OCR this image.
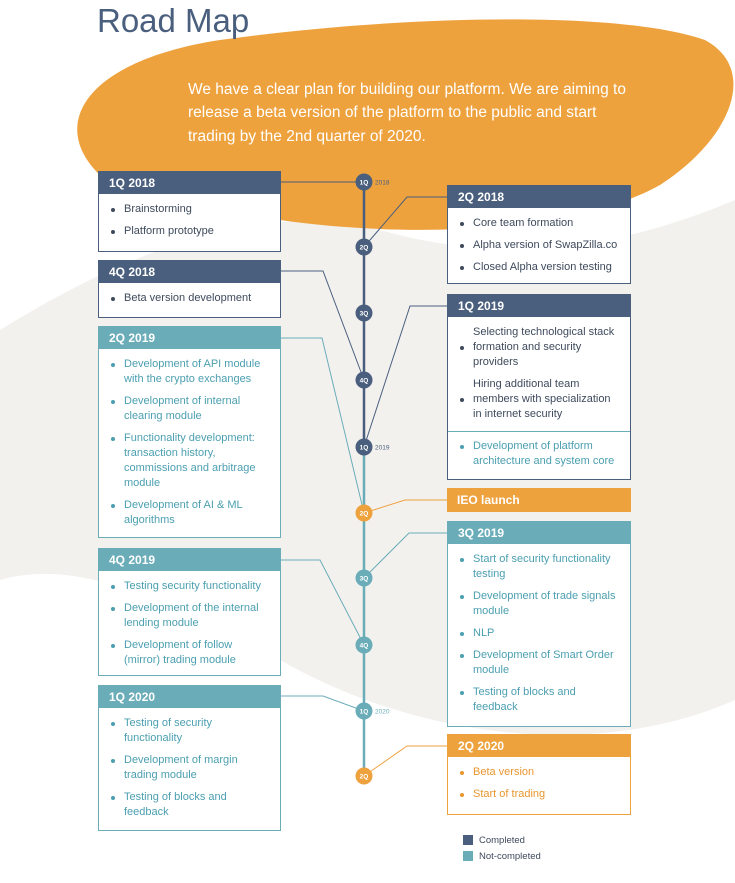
1Q 2018
2Q
3Q
4Q
1Q 2019
2Q
3Q
4Q
1Q 2020
2Q
Road Map

We have a clear plan for building our platform. We are aiming to release a beta version of the platform to the public and start trading by the 2nd quarter of 2020.

1Q 2018
Brainstorming
Platform prototype
2Q 2018
Core team formation
Alpha version of SwapZilla.co
Closed Alpha version testing
4Q 2018
Beta version development
1Q 2019
Selecting technological stack formation and security providers
Hiring additional team members with specialization in internet security
Development of platform architecture and system core
2Q 2019
Development of API module with the crypto exchanges
Development of internal clearing module
Functionality development: transaction history, commissions and arbitrage module
Development of AI & ML algorithms
IEO launch
3Q 2019
Start of security functionality testing
Development of trade signals module
NLP
Development of Smart Order module
Testing of blocks and feedback
4Q 2019
Testing security functionality
Development of the internal lending module
Development of follow (mirror) trading module
1Q 2020
Testing of security functionality
Development of margin trading module
Testing of blocks and feedback
2Q 2020
Beta version
Start of trading
Completed
Not-completed
